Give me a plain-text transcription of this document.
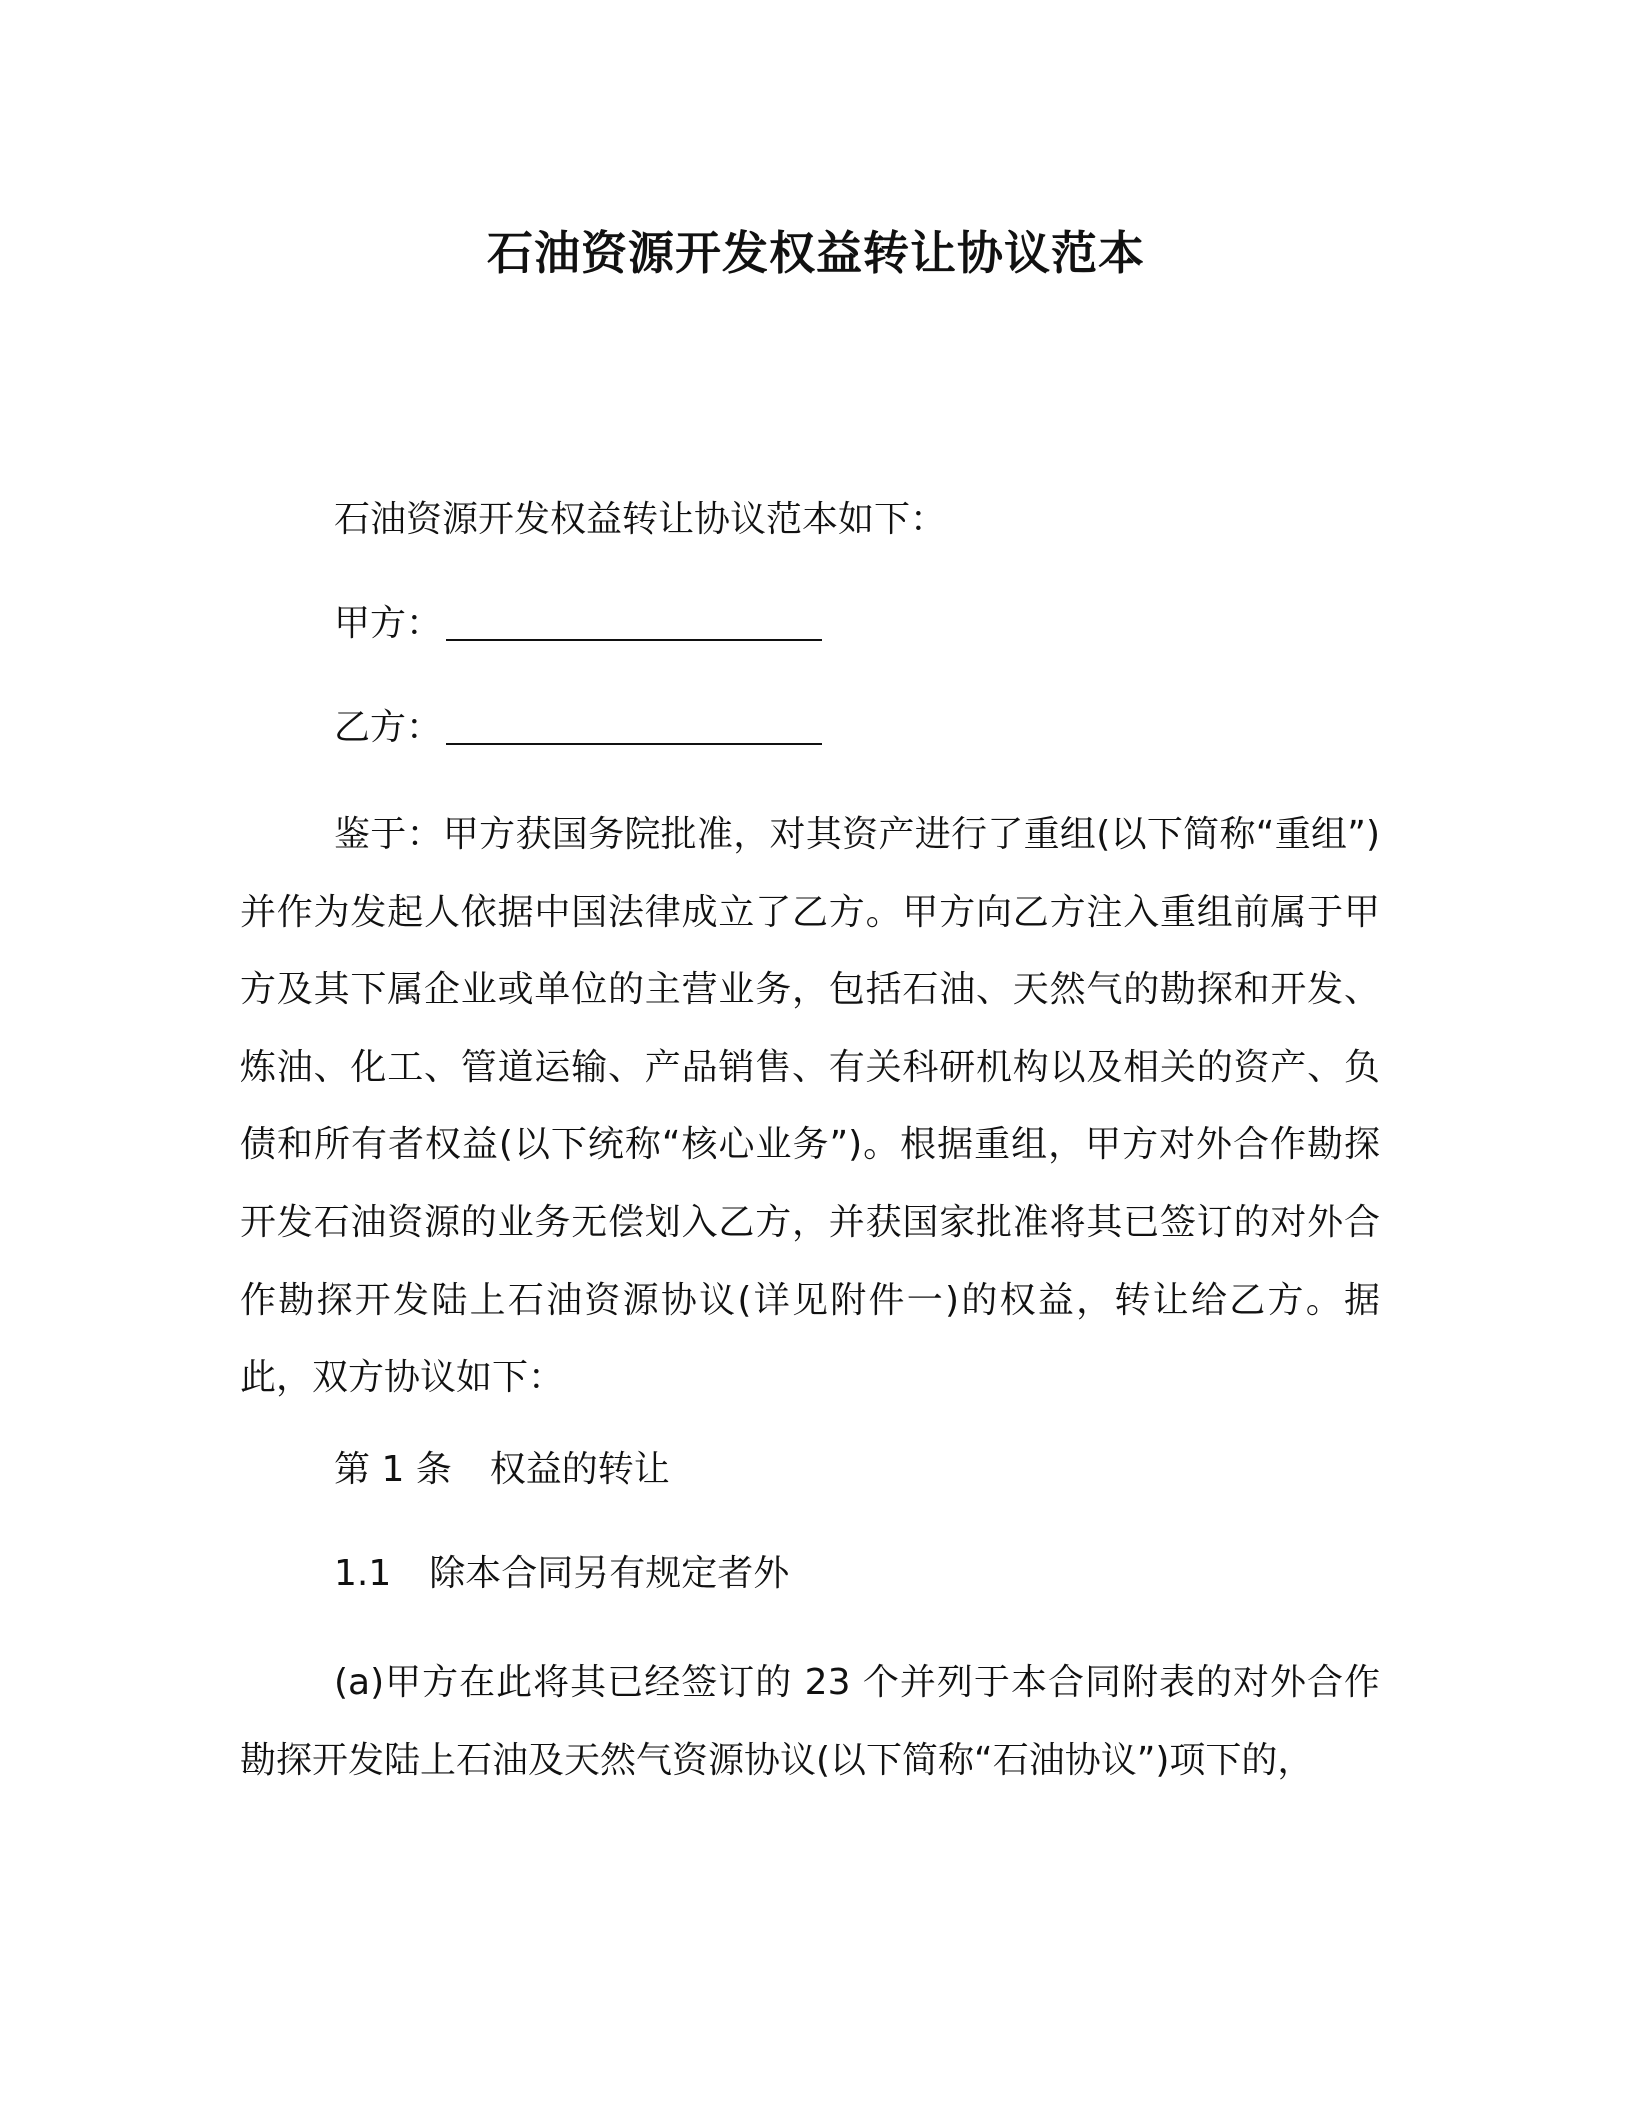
石油资源开发权益转让协议范本
石油资源开发权益转让协议范本如下：
甲方：
乙方：

鉴于：甲方获国务院批准，对其资产进行了重组(以下简称“重组”)并作为发起人依据中国法律成立了乙方。甲方向乙方注入重组前属于甲方及其下属企业或单位的主营业务，包括石油、天然气的勘探和开发、炼油、化工、管道运输、产品销售、有关科研机构以及相关的资产、负债和所有者权益(以下统称“核心业务”)。根据重组，甲方对外合作勘探开发石油资源的业务无偿划入乙方，并获国家批准将其已签订的对外合作勘探开发陆上石油资源协议(详见附件一)的权益，转让给乙方。据此，双方协议如下：

第 1 条 权益的转让
1.1 除本合同另有规定者外

(a)甲方在此将其已经签订的 23 个并列于本合同附表的对外合作勘探开发陆上石油及天然气资源协议(以下简称“石油协议”)项下的，
